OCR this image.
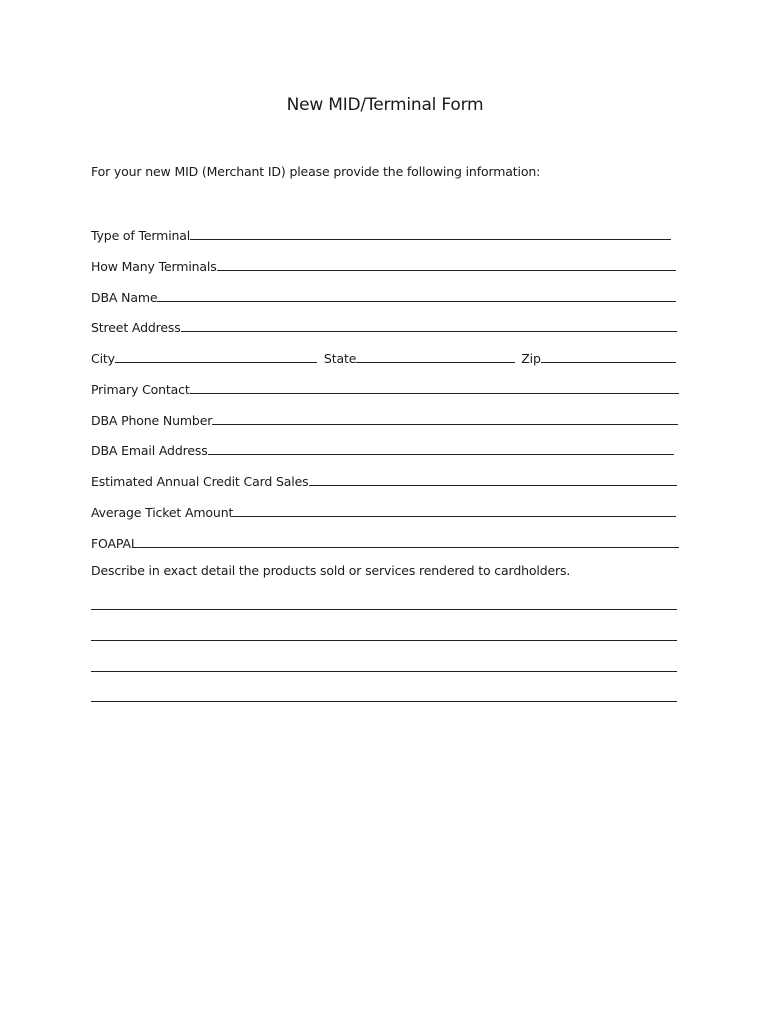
New MID/Terminal Form
For your new MID (Merchant ID) please provide the following information:
Type of Terminal
How Many Terminals
DBA Name
Street Address
City	State	Zip
Primary Contact
DBA Phone Number
DBA Email Address
Estimated Annual Credit Card Sales
Average Ticket Amount
FOAPAL
Describe in exact detail the products sold or services rendered to cardholders.
